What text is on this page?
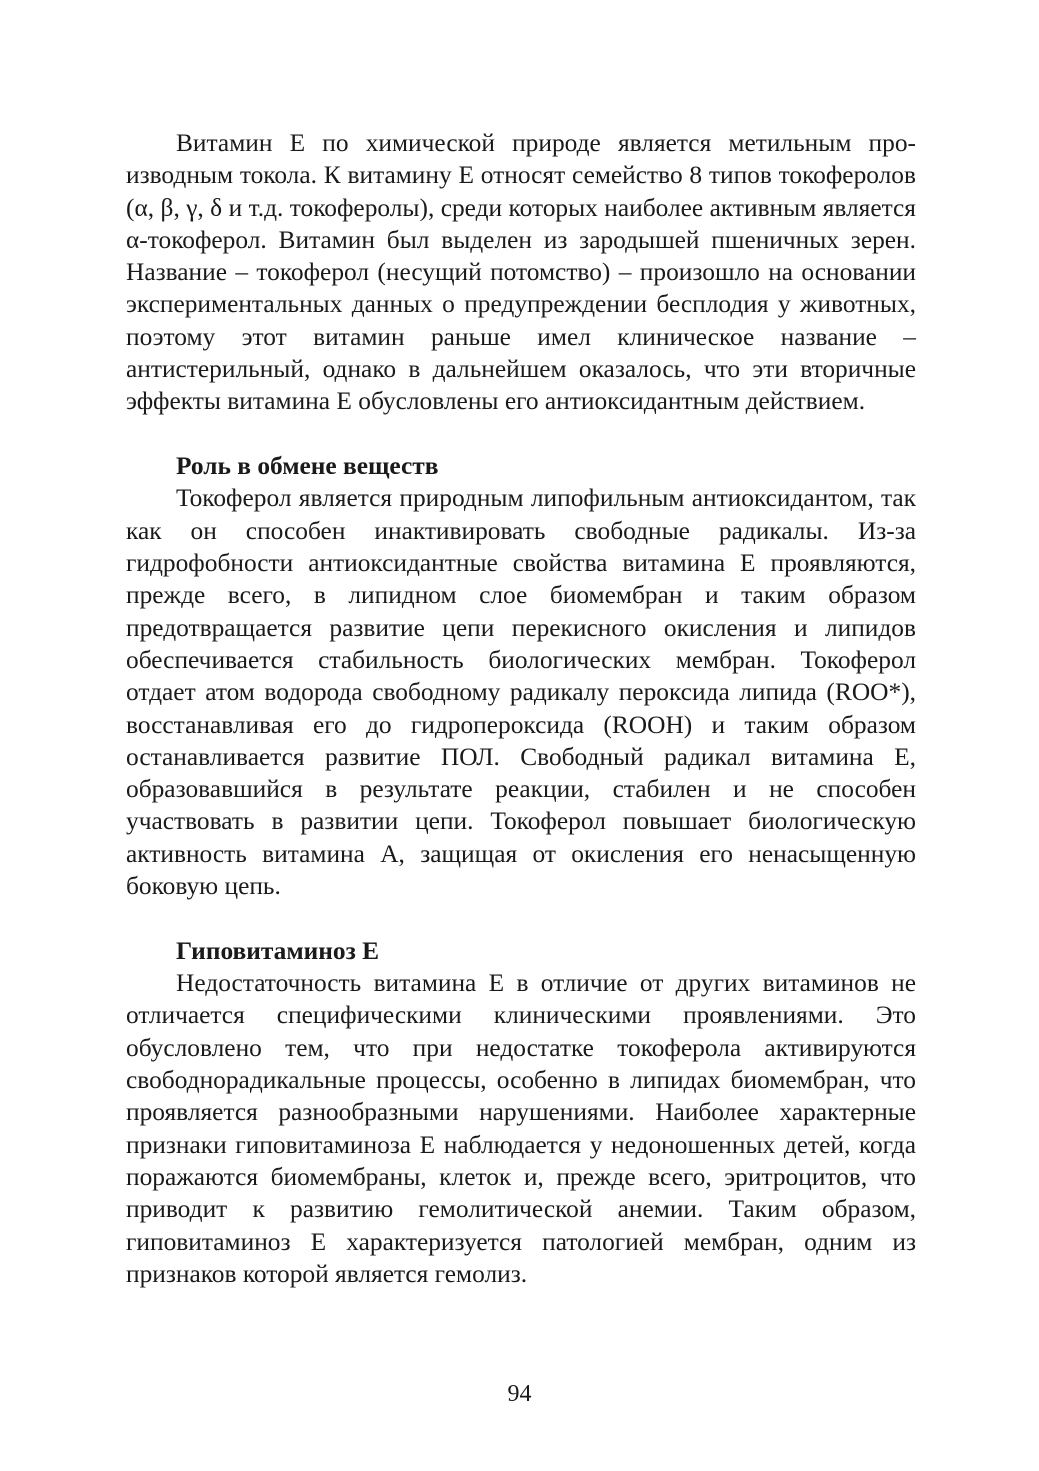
Витамин Е по химической природе является метильным производным токола. К витамину Е относят семейство 8 типов токоферолов (α, β, γ, δ и т.д. токоферолы), среди которых наиболее активным является α-токоферол. Витамин был выделен из зародышей пшеничных зерен. Название – токоферол (несущий потомство) – произошло на основании экспериментальных данных о предупреждении бесплодия у животных, поэтому этот витамин раньше имел клиническое название – антистерильный, однако в дальнейшем оказалось, что эти вторичные эффекты витамина Е обусловлены его антиоксидантным действием.

Роль в обмене веществ

Токоферол является природным липофильным антиоксидантом, так как он способен инактивировать свободные радикалы. Из-за гидрофобности антиоксидантные свойства витамина Е проявляются, прежде всего, в липидном слое биомембран и таким образом предотвращается развитие цепи перекисного окисления и липидов обеспечивается стабильность биологических мембран. Токоферол отдает атом водорода свободному радикалу пероксида липида (ROO*), восстанавливая его до гидропероксида (ROOH) и таким образом останавливается развитие ПОЛ. Свободный радикал витамина Е, образовавшийся в результате реакции, стабилен и не способен участвовать в развитии цепи. Токоферол повышает биологическую активность витамина А, защищая от окисления его ненасыщенную боковую цепь.

Гиповитаминоз Е

Недостаточность витамина Е в отличие от других витаминов не отличается специфическими клиническими проявлениями. Это обусловлено тем, что при недостатке токоферола активируются свободнорадикальные процессы, особенно в липидах биомембран, что проявляется разнообразными нарушениями. Наиболее характерные признаки гиповитаминоза Е наблюдается у недоношенных детей, когда поражаются биомембраны, клеток и, прежде всего, эритроцитов, что приводит к развитию гемолитической анемии. Таким образом, гиповитаминоз Е характеризуется патологией мембран, одним из признаков которой является гемолиз.

94
